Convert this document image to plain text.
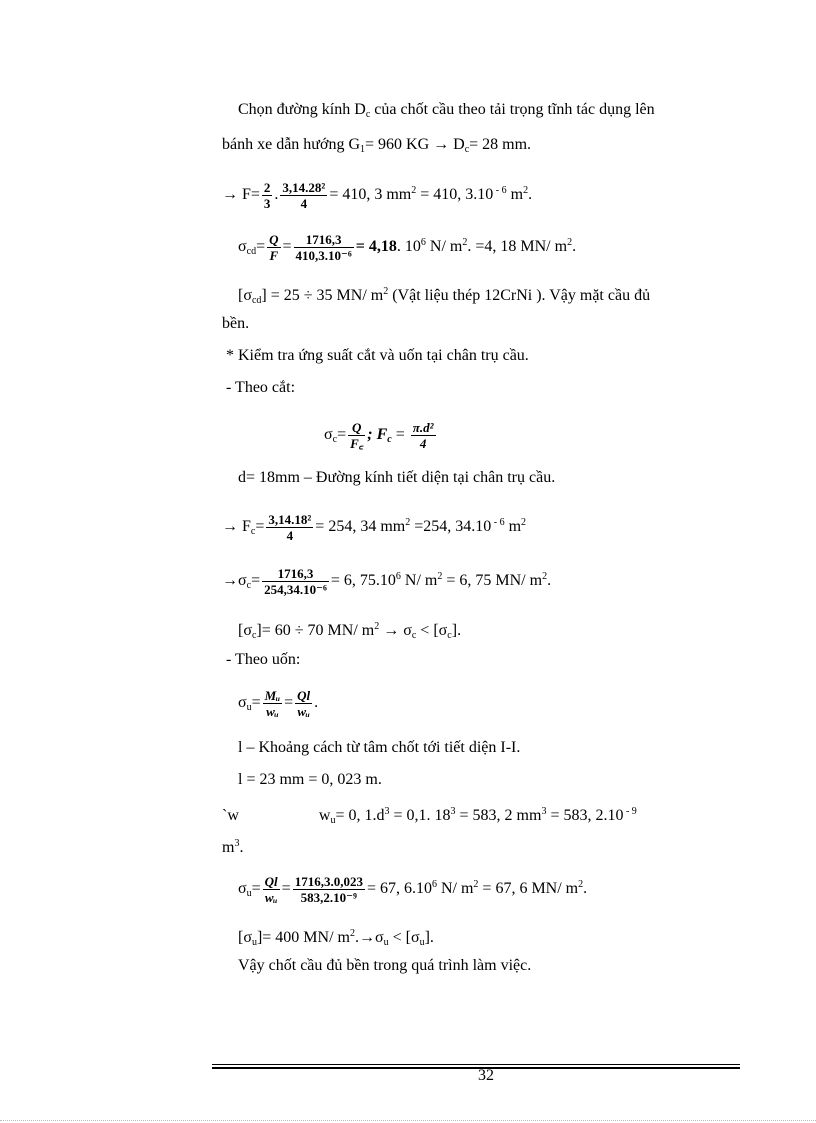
Chọn đường kính $D_c$ của chốt cầu theo tải trọng tĩnh tác dụng lên
bánh xe dẫn hướng $G_1= 960$ KG → $D_c= 28$ mm.
→ $F= \frac{2}{3}$ . $\frac{\text{3,14.28²}}{4} = 410$, 3 $mm^2 = 410$, 3.10 $^{- 6}$ $m^2$.
$\sigma_{cd}= \frac{Q}{F} = \frac{1716,3}{\text{410,3.10⁻⁶}} = 4,18$. $10^6$ N/ $m^2$. =4, 18 MN/ $m^2$.
$[\sigma_{cd}] = 25 \div 35$ MN/ $m^2$ (Vật liệu thép 12CrNi ). Vậy mặt cầu đủ
bền.
* Kiểm tra ứng suất cắt và uốn tại chân trụ cầu.
- Theo cắt:
$\sigma_c= \frac{Q}{F꜀}$ ; $F_c = \frac{\text{π.d²}}{4}$
d= 18mm – Đường kính tiết diện tại chân trụ cầu.
→ $F_c= \frac{\text{3,14.18²}}{4} = 254$, 34 $mm^2 =254$, 34.10 $^{- 6}$ $m^2$
$\to\sigma_c= \frac{1716,3}{\text{254,34.10⁻⁶}} = 6$, 75.10$^6$ N/ $m^2 = 6$, 75 MN/ $m^2$.
$[\sigma_c]= 60 \div 70$ MN/ $m^2 \to \sigma_c < [\sigma_c]$.
- Theo uốn:
$\sigma_u= \frac{\text{Mᵤ}}{\text{wᵤ}} = \frac{Ql}{\text{wᵤ}}$ .
l – Khoảng cách từ tâm chốt tới tiết diện I-I.
l = 23 mm = 0, 023 m.
`w	$w_u= 0$, $1.d^3 = 0,1$. $18^3 = 583$, 2 $mm^3 = 583$, 2.10 $^{- 9}$
$m^3$.
$\sigma_u= \frac{Ql}{\text{wᵤ}} = \frac{1716,3.0,023}{\text{583,2.10⁻⁹}} = 67$, 6.10$^6$ N/ $m^2 = 67$, 6 MN/ $m^2$.
$[\sigma_u]= 400$ MN/ $m^2.\to\sigma_u < [\sigma_u]$.
Vậy chốt cầu đủ bền trong quá trình làm việc.
32
